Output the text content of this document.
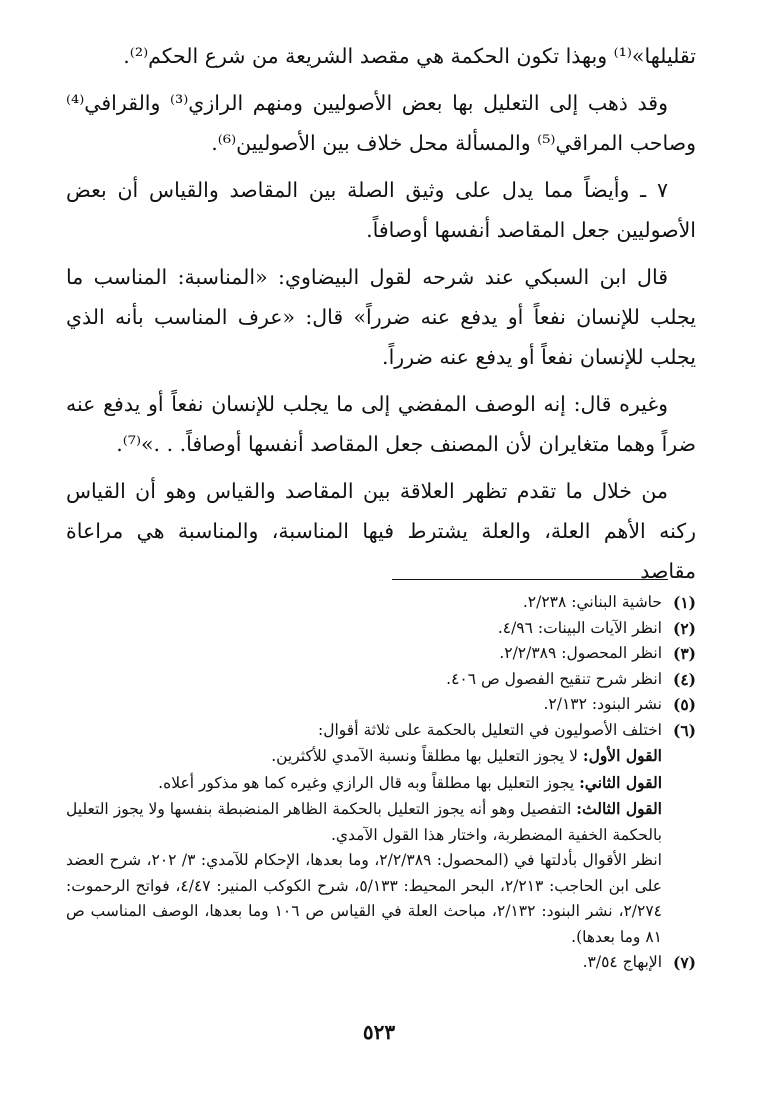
تقليلها»⁽¹⁾ وبهذا تكون الحكمة هي مقصد الشريعة من شرع الحكم⁽²⁾.

وقد ذهب إلى التعليل بها بعض الأصوليين ومنهم الرازي⁽³⁾ والقرافي⁽⁴⁾ وصاحب المراقي⁽⁵⁾ والمسألة محل خلاف بين الأصوليين⁽⁶⁾.

٧ ـ وأيضاً مما يدل على وثيق الصلة بين المقاصد والقياس أن بعض الأصوليين جعل المقاصد أنفسها أوصافاً.

قال ابن السبكي عند شرحه لقول البيضاوي: «المناسبة: المناسب ما يجلب للإنسان نفعاً أو يدفع عنه ضرراً» قال: «عرف المناسب بأنه الذي يجلب للإنسان نفعاً أو يدفع عنه ضرراً.

وغيره قال: إنه الوصف المفضي إلى ما يجلب للإنسان نفعاً أو يدفع عنه ضراً وهما متغايران لأن المصنف جعل المقاصد أنفسها أوصافاً. . .»⁽⁷⁾.

من خلال ما تقدم تظهر العلاقة بين المقاصد والقياس وهو أن القياس ركنه الأهم العلة، والعلة يشترط فيها المناسبة، والمناسبة هي مراعاة مقاصد

(١)
حاشية البناني: ٢/٢٣٨.
(٢)
انظر الآيات البينات: ٤/٩٦.
(٣)
انظر المحصول: ٢/٢/٣٨٩.
(٤)
انظر شرح تنقيح الفصول ص ٤٠٦.
(٥)
نشر البنود: ٢/١٣٢.
(٦)
اختلف الأصوليون في التعليل بالحكمة على ثلاثة أقوال:
القول الأول: لا يجوز التعليل بها مطلقاً ونسبة الآمدي للأكثرين.
القول الثاني: يجوز التعليل بها مطلقاً وبه قال الرازي وغيره كما هو مذكور أعلاه.
القول الثالث: التفصيل وهو أنه يجوز التعليل بالحكمة الظاهر المنضبطة بنفسها ولا يجوز التعليل بالحكمة الخفية المضطربة، واختار هذا القول الآمدي.
انظر الأقوال بأدلتها في (المحصول: ٢/٢/٣٨٩، وما بعدها، الإحكام للآمدي: ٣/ ٢٠٢، شرح العضد على ابن الحاجب: ٢/٢١٣، البحر المحيط: ٥/١٣٣، شرح الكوكب المنير: ٤/٤٧، فواتح الرحموت: ٢/٢٧٤، نشر البنود: ٢/١٣٢، مباحث العلة في القياس ص ١٠٦ وما بعدها، الوصف المناسب ص ٨١ وما بعدها).
(٧)
الإبهاج ٣/٥٤.
٥٢٣
